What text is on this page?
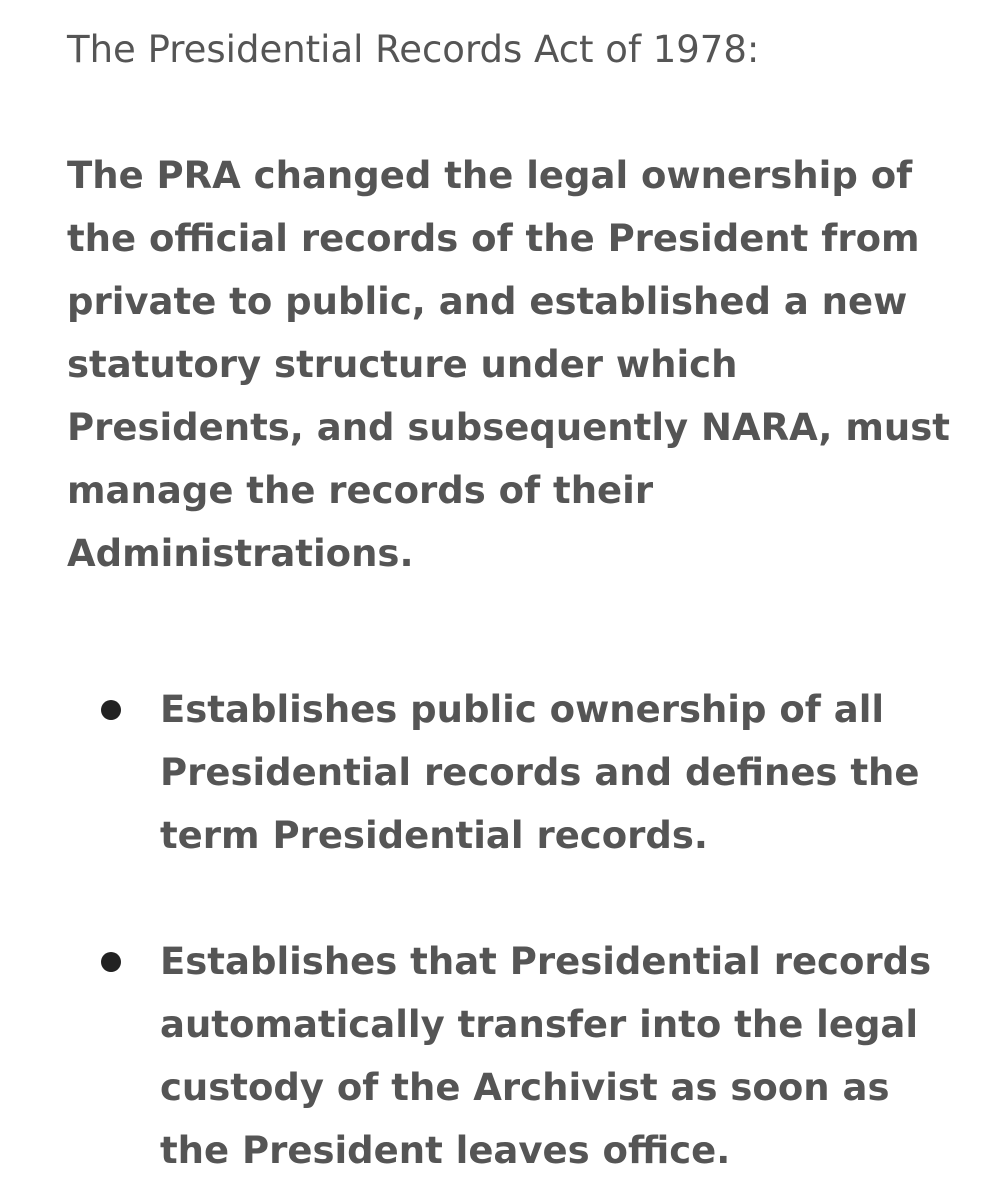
The Presidential Records Act of 1978:

The PRA changed the legal ownership of
the official records of the President from
private to public, and established a new
statutory structure under which
Presidents, and subsequently NARA, must
manage the records of their
Administrations.

Establishes public ownership of all
Presidential records and defines the
term Presidential records.
Establishes that Presidential records
automatically transfer into the legal
custody of the Archivist as soon as
the President leaves office.
